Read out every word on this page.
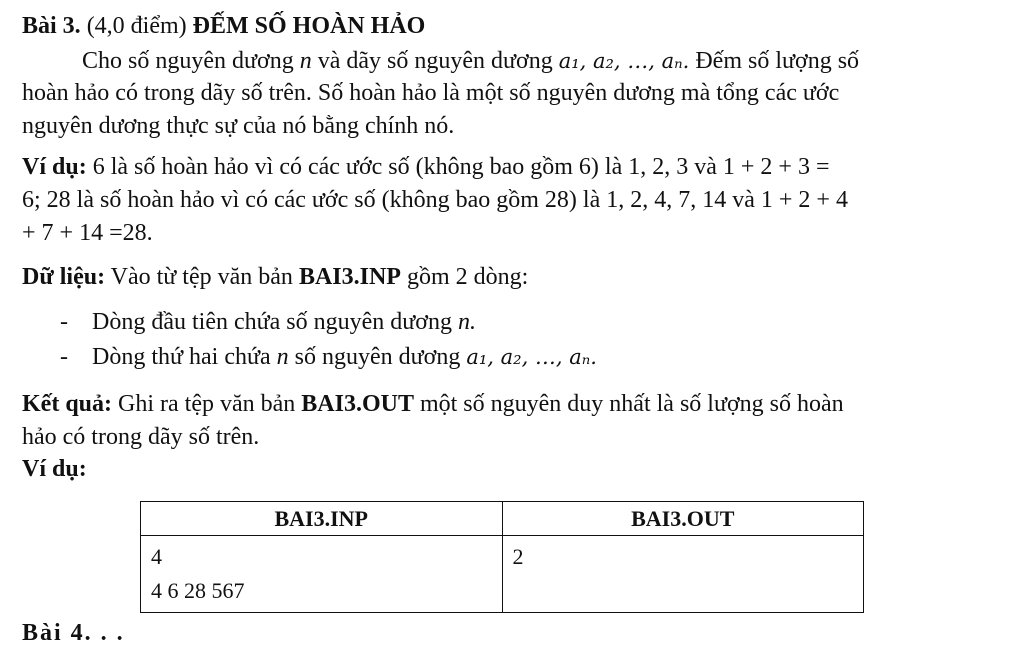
Bài 3. (4,0 điểm) ĐẾM SỐ HOÀN HẢO
Cho số nguyên dương n và dãy số nguyên dương a₁, a₂, …, aₙ. Đếm số lượng số
hoàn hảo có trong dãy số trên. Số hoàn hảo là một số nguyên dương mà tổng các ước
nguyên dương thực sự của nó bằng chính nó.
Ví dụ: 6 là số hoàn hảo vì có các ước số (không bao gồm 6) là 1, 2, 3 và 1 + 2 + 3 =
6; 28 là số hoàn hảo vì có các ước số (không bao gồm 28) là 1, 2, 4, 7, 14 và 1 + 2 + 4
+ 7 + 14 =28.
Dữ liệu: Vào từ tệp văn bản BAI3.INP gồm 2 dòng:
- Dòng đầu tiên chứa số nguyên dương n.
- Dòng thứ hai chứa n số nguyên dương a₁, a₂, …, aₙ.
Kết quả: Ghi ra tệp văn bản BAI3.OUT một số nguyên duy nhất là số lượng số hoàn
hảo có trong dãy số trên.
Ví dụ:
BAI3.INP	BAI3.OUT

4
4 6 28 567	2
Bài 4. . .
